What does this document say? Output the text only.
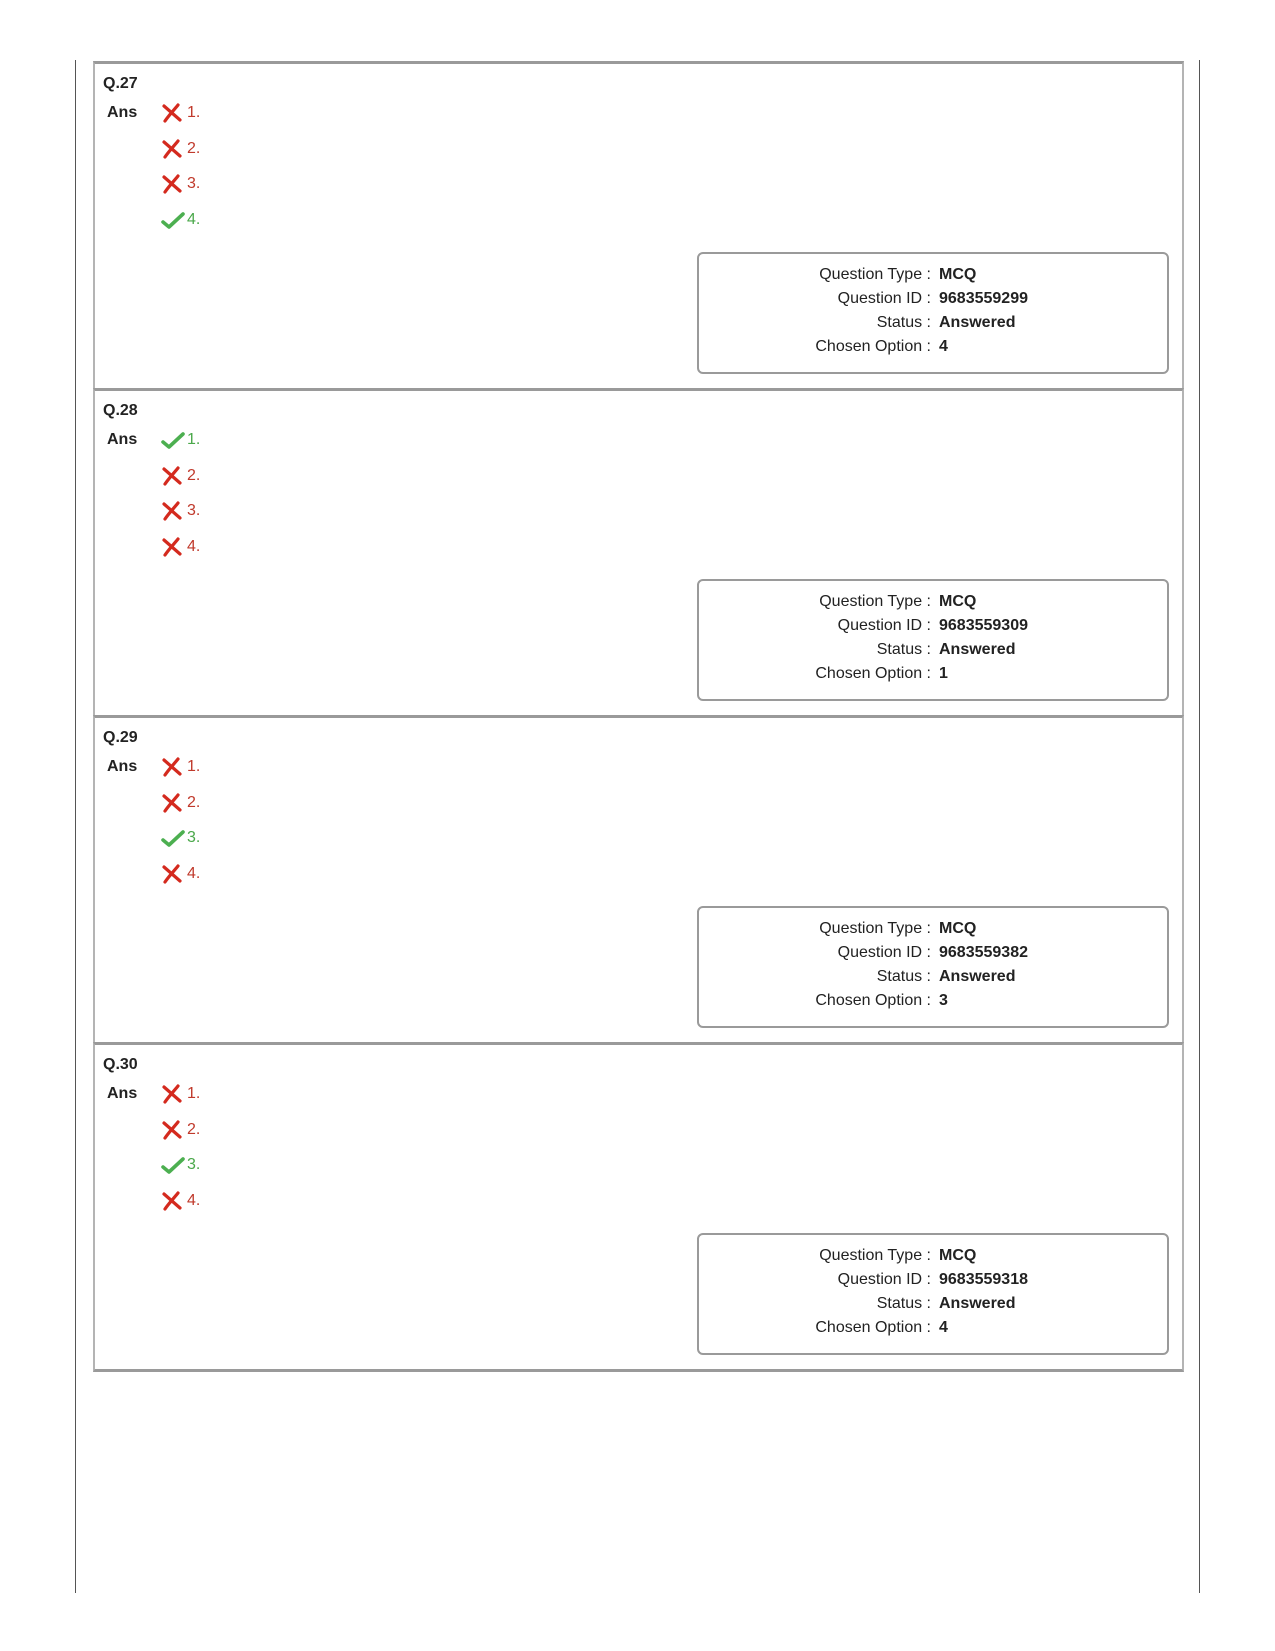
Q.27
Ans	1.
2.
3.
4.
Question Type : MCQ
Question ID : 9683559299
Status : Answered
Chosen Option : 4
Q.28
Ans	1.
2.
3.
4.
Question Type : MCQ
Question ID : 9683559309
Status : Answered
Chosen Option : 1
Q.29
Ans	1.
2.
3.
4.
Question Type : MCQ
Question ID : 9683559382
Status : Answered
Chosen Option : 3
Q.30
Ans	1.
2.
3.
4.
Question Type : MCQ
Question ID : 9683559318
Status : Answered
Chosen Option : 4
